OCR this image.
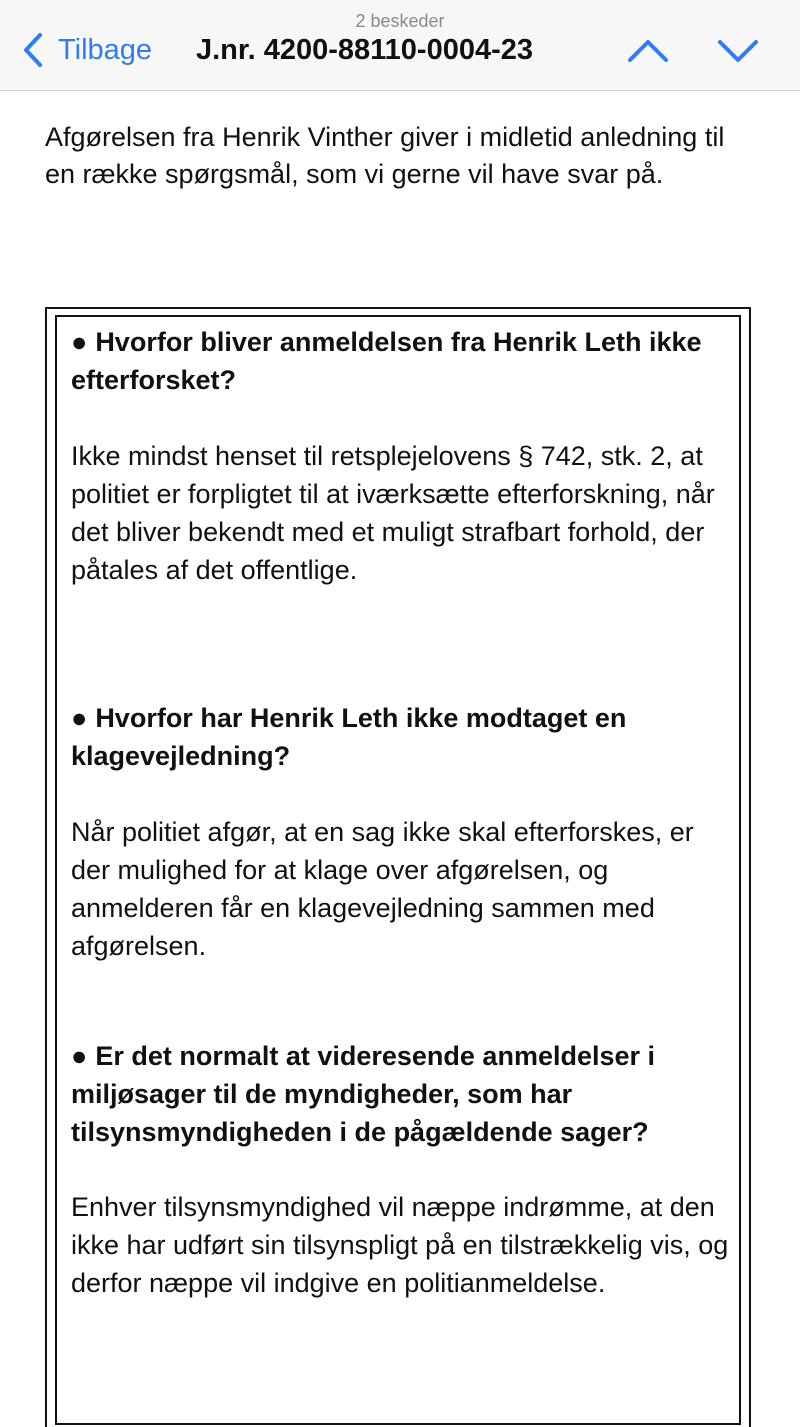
2 beskeder
Tilbage J.nr. 4200-88110-0004-23
Afgørelsen fra Henrik Vinther giver i midletid anledning til en række spørgsmål, som vi gerne vil have svar på.
● Hvorfor bliver anmeldelsen fra Henrik Leth ikke efterforsket?
Ikke mindst henset til retsplejelovens § 742, stk. 2, at politiet er forpligtet til at iværksætte efterforskning, når det bliver bekendt med et muligt strafbart forhold, der påtales af det offentlige.
● Hvorfor har Henrik Leth ikke modtaget en klagevejledning?
Når politiet afgør, at en sag ikke skal efterforskes, er der mulighed for at klage over afgørelsen, og anmelderen får en klagevejledning sammen med afgørelsen.
● Er det normalt at videresende anmeldelser i miljøsager til de myndigheder, som har tilsynsmyndigheden i de pågældende sager?
Enhver tilsynsmyndighed vil næppe indrømme, at den ikke har udført sin tilsynspligt på en tilstrækkelig vis, og derfor næppe vil indgive en politianmeldelse.
